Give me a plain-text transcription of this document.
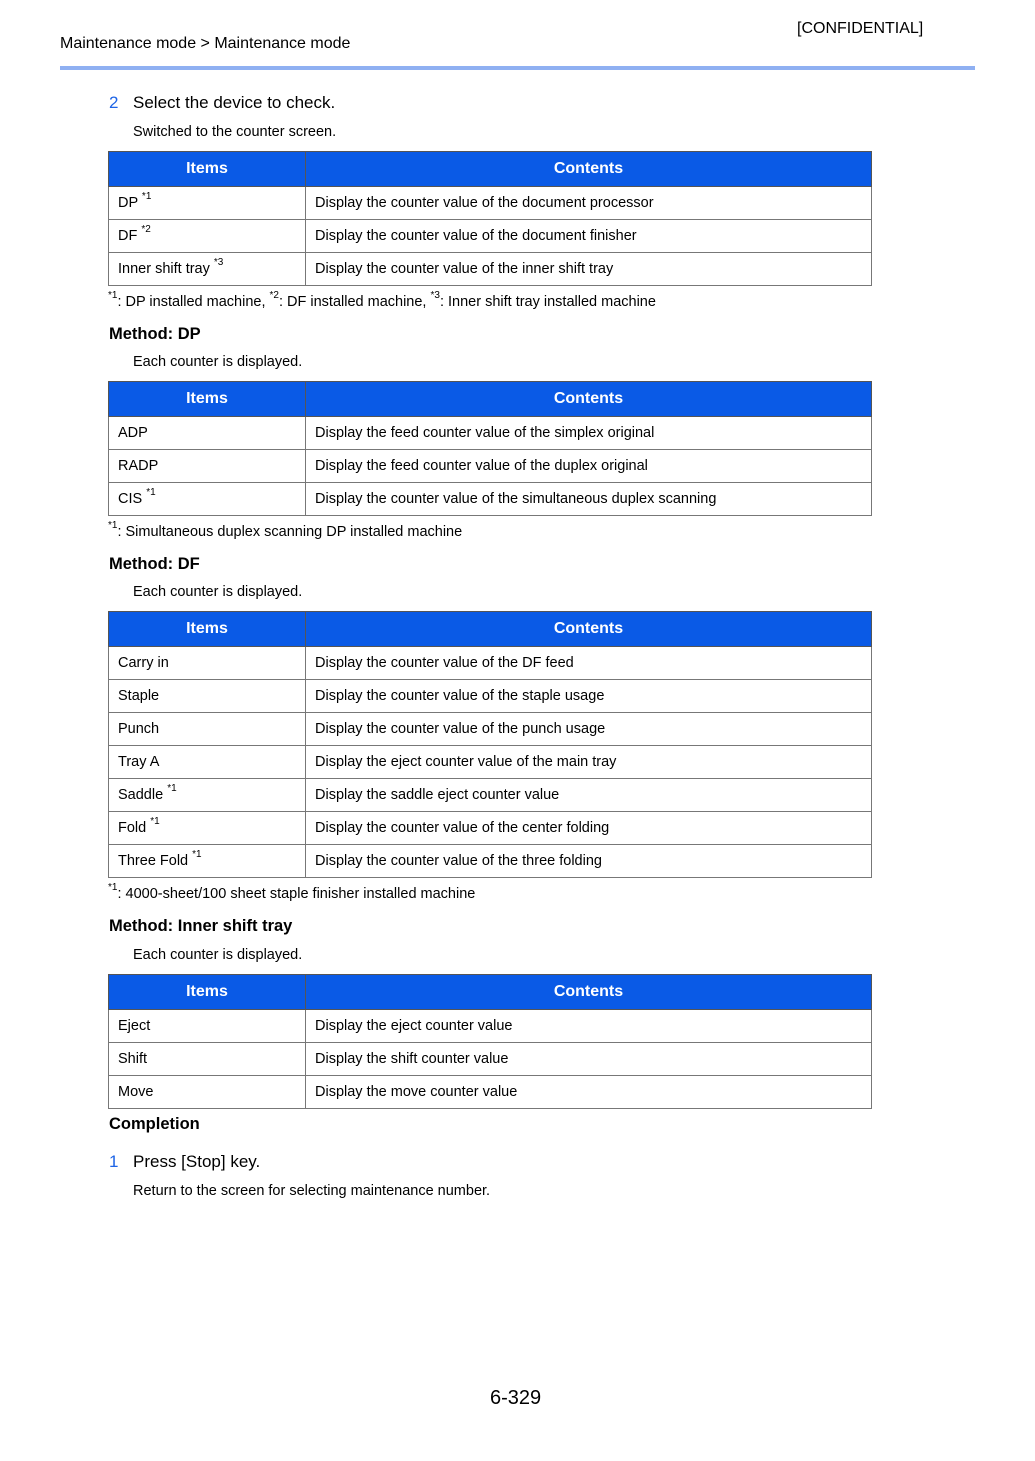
Maintenance mode > Maintenance mode
[CONFIDENTIAL]
2 Select the device to check.
Switched to the counter screen.
Items	Contents
DP $^{*1}$	Display the counter value of the document processor
DF $^{*2}$	Display the counter value of the document finisher
Inner shift tray $^{*3}$	Display the counter value of the inner shift tray
$^{*1}$: DP installed machine, $^{*2}$: DF installed machine, $^{*3}$: Inner shift tray installed machine
Method: DP
Each counter is displayed.
Items	Contents
ADP	Display the feed counter value of the simplex original
RADP	Display the feed counter value of the duplex original
CIS $^{*1}$	Display the counter value of the simultaneous duplex scanning
$^{*1}$: Simultaneous duplex scanning DP installed machine
Method: DF
Each counter is displayed.
Items	Contents
Carry in	Display the counter value of the DF feed
Staple	Display the counter value of the staple usage
Punch	Display the counter value of the punch usage
Tray A	Display the eject counter value of the main tray
Saddle $^{*1}$	Display the saddle eject counter value
Fold $^{*1}$	Display the counter value of the center folding
Three Fold $^{*1}$	Display the counter value of the three folding
$^{*1}$: 4000-sheet/100 sheet staple finisher installed machine
Method: Inner shift tray
Each counter is displayed.
Items	Contents
Eject	Display the eject counter value
Shift	Display the shift counter value
Move	Display the move counter value
Completion
1 Press [Stop] key.
Return to the screen for selecting maintenance number.
6-329
